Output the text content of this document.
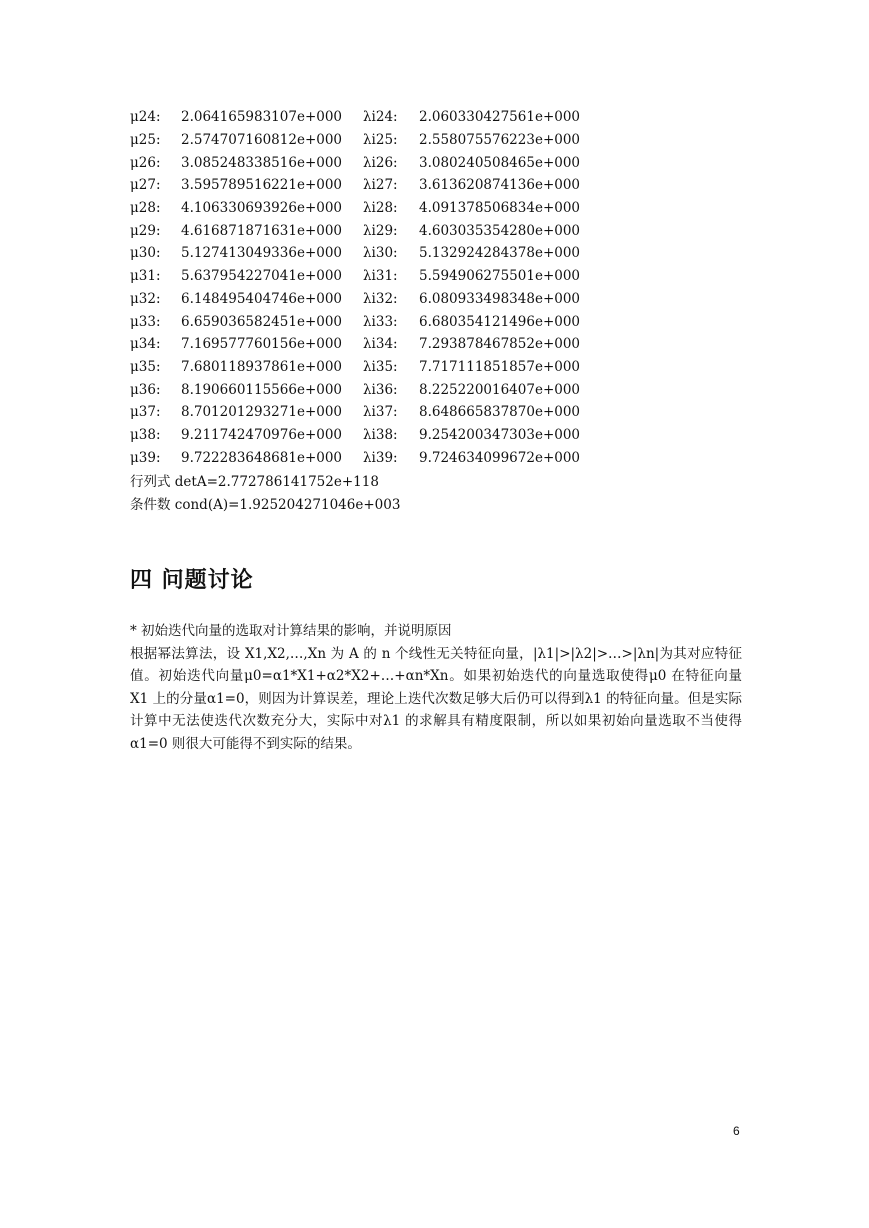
μ24:	2.064165983107e+000	λi24:	2.060330427561e+000
μ25:	2.574707160812e+000	λi25:	2.558075576223e+000
μ26:	3.085248338516e+000	λi26:	3.080240508465e+000
μ27:	3.595789516221e+000	λi27:	3.613620874136e+000
μ28:	4.106330693926e+000	λi28:	4.091378506834e+000
μ29:	4.616871871631e+000	λi29:	4.603035354280e+000
μ30:	5.127413049336e+000	λi30:	5.132924284378e+000
μ31:	5.637954227041e+000	λi31:	5.594906275501e+000
μ32:	6.148495404746e+000	λi32:	6.080933498348e+000
μ33:	6.659036582451e+000	λi33:	6.680354121496e+000
μ34:	7.169577760156e+000	λi34:	7.293878467852e+000
μ35:	7.680118937861e+000	λi35:	7.717111851857e+000
μ36:	8.190660115566e+000	λi36:	8.225220016407e+000
μ37:	8.701201293271e+000	λi37:	8.648665837870e+000
μ38:	9.211742470976e+000	λi38:	9.254200347303e+000
μ39:	9.722283648681e+000	λi39:	9.724634099672e+000
行列式 detA=2.772786141752e+118
条件数 cond(A)=1.925204271046e+003
四 问题讨论

* 初始迭代向量的选取对计算结果的影响，并说明原因

根据幂法算法，设 X1,X2,…,Xn 为 A 的 n 个线性无关特征向量，|λ1|>|λ2|>…>|λn|为其对应特征值。初始迭代向量μ0=α1*X1+α2*X2+…+αn*Xn。如果初始迭代的向量选取使得μ0 在特征向量 X1 上的分量α1=0，则因为计算误差，理论上迭代次数足够大后仍可以得到λ1 的特征向量。但是实际计算中无法使迭代次数充分大，实际中对λ1 的求解具有精度限制，所以如果初始向量选取不当使得α1=0 则很大可能得不到实际的结果。

6
